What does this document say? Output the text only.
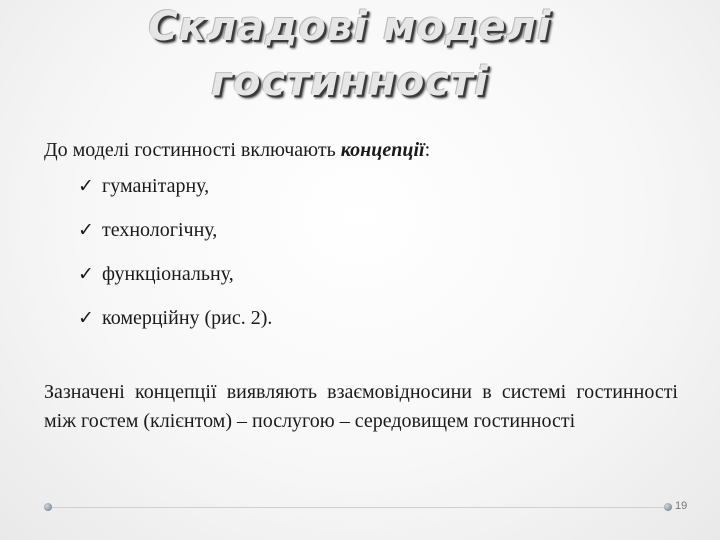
Складові моделі
гостинності
До моделі гостинності включають концепції:
✓ гуманітарну,
✓ технологічну,
✓ функціональну,
✓ комерційну (рис. 2).
Зазначені концепції виявляють взаємовідносини в системі гостинності між гостем (клієнтом) – послугою – середовищем гостинності
19
